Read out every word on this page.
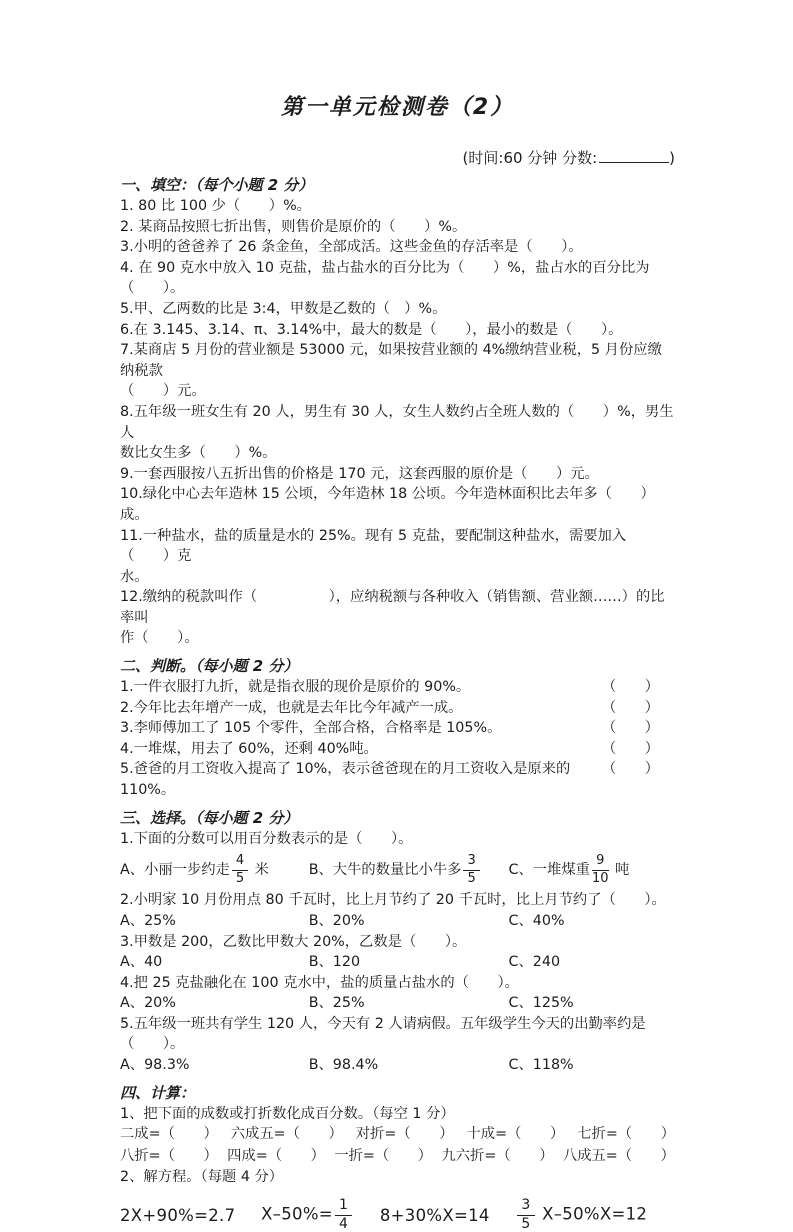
第一单元检测卷（2）
(时间:60 分钟 分数:	)
一、填空：（每个小题 2 分）
1. 80 比 100 少（　　）%。
2. 某商品按照七折出售，则售价是原价的（　　）%。
3.小明的爸爸养了 26 条金鱼，全部成活。这些金鱼的存活率是（　　）。
4. 在 90 克水中放入 10 克盐，盐占盐水的百分比为（　　）%，盐占水的百分比为（　　）。
5.甲、乙两数的比是 3:4，甲数是乙数的（　）%。
6.在 3.145、3.14、π、3.14%中，最大的数是（　　），最小的数是（　　）。
7.某商店 5 月份的营业额是 53000 元，如果按营业额的 4%缴纳营业税，5 月份应缴纳税款
（　　）元。
8.五年级一班女生有 20 人，男生有 30 人，女生人数约占全班人数的（　　）%，男生人
数比女生多（　　）%。
9.一套西服按八五折出售的价格是 170 元，这套西服的原价是（　　）元。
10.绿化中心去年造林 15 公顷，今年造林 18 公顷。今年造林面积比去年多（　　）成。
11.一种盐水，盐的质量是水的 25%。现有 5 克盐，要配制这种盐水，需要加入（　　）克
水。
12.缴纳的税款叫作（　　　　　），应纳税额与各种收入（销售额、营业额……）的比率叫
作（　　）。
二、判断。（每小题 2 分）
1.一件衣服打九折，就是指衣服的现价是原价的 90%。	（　　）
2.今年比去年增产一成，也就是去年比今年减产一成。	（　　）
3.李师傅加工了 105 个零件，全部合格，合格率是 105%。	（　　）
4.一堆煤，用去了 60%，还剩 40%吨。	（　　）
5.爸爸的月工资收入提高了 10%，表示爸爸现在的月工资收入是原来的 110%。
（　　）
三、选择。（每小题 2 分）
1.下面的分数可以用百分数表示的是（　　）。
A、小丽一步约走 $\frac{4}{5}$ 米	B、大牛的数量比小牛多 $\frac{3}{5}$ C、一堆煤重 $\frac{9}{10}$ 吨
2.小明家 10 月份用点 80 千瓦时，比上月节约了 20 千瓦时，比上月节约了（　　）。
A、25%	B、20%	C、40%
3.甲数是 200，乙数比甲数大 20%，乙数是（　　）。
A、40	B、120	C、240
4.把 25 克盐融化在 100 克水中，盐的质量占盐水的（　　）。
A、20%	B、25%	C、125%
5.五年级一班共有学生 120 人，今天有 2 人请病假。五年级学生今天的出勤率约是（　　）。
A、98.3%	B、98.4%	C、118%
四、计算：
1、把下面的成数或打折数化成百分数。（每空 1 分）
二成=（　　） 六成五=（　　） 对折=（　　） 十成=（　　） 七折=（　　）
八折=（　　） 四成=（　　） 一折=（　　） 九六折=（　　） 八成五=（　　）
2、解方程。（每题 4 分）
2X+90%=2.7 $X-50\%= \frac{1}{4} 8+30\%X=14 \frac{3}{5} X-50\%X=12$
